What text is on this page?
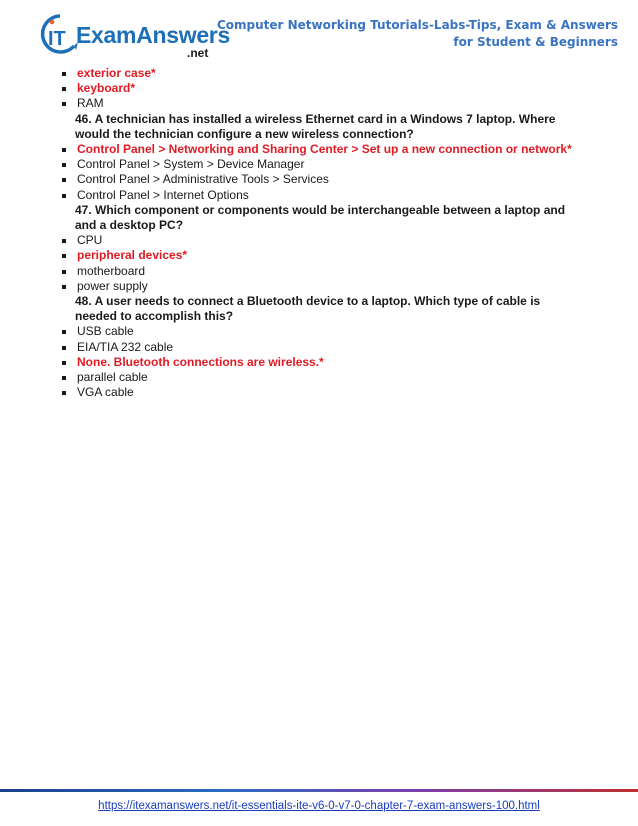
IT ExamAnswers
.net
Computer Networking Tutorials-Labs-Tips, Exam & Answers
for Student & Beginners

exterior case*

keyboard*

RAM

46. A technician has installed a wireless Ethernet card in a Windows 7 laptop. Where would the technician configure a new wireless connection?

Control Panel > Networking and Sharing Center > Set up a new connection or network*

Control Panel > System > Device Manager

Control Panel > Administrative Tools > Services

Control Panel > Internet Options

47. Which component or components would be interchangeable between a laptop and and a desktop PC?

CPU

peripheral devices*

motherboard

power supply

48. A user needs to connect a Bluetooth device to a laptop. Which type of cable is needed to accomplish this?

USB cable

EIA/TIA 232 cable

None. Bluetooth connections are wireless.*

parallel cable

VGA cable

https://itexamanswers.net/it-essentials-ite-v6-0-v7-0-chapter-7-exam-answers-100.html
